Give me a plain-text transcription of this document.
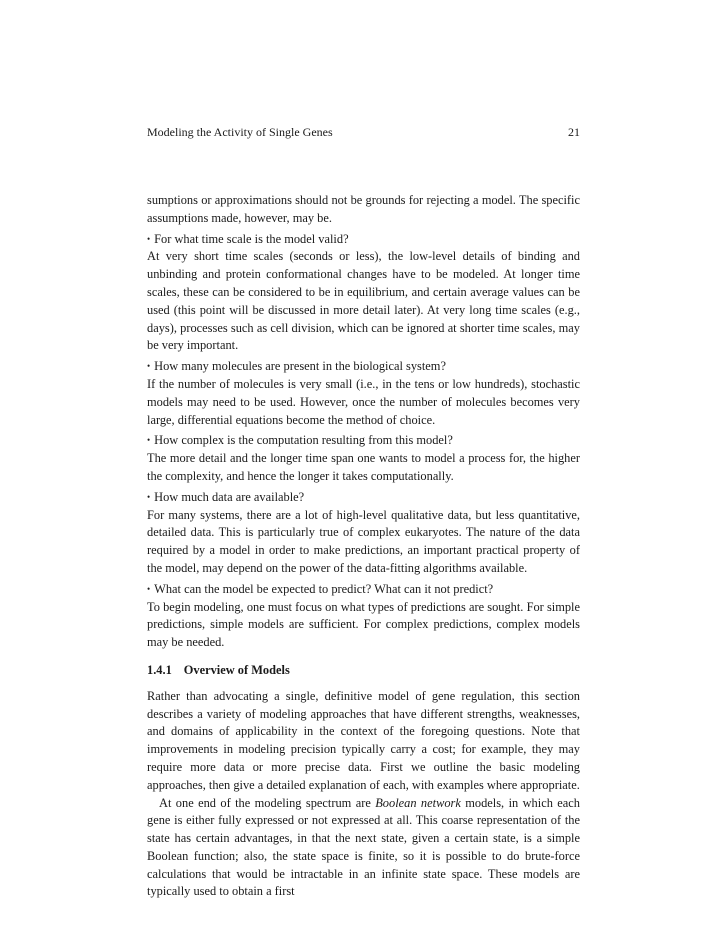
Modeling the Activity of Single Genes	21

sumptions or approximations should not be grounds for rejecting a model. The specific assumptions made, however, may be.

• For what time scale is the model valid?

At very short time scales (seconds or less), the low-level details of binding and unbinding and protein conformational changes have to be modeled. At longer time scales, these can be considered to be in equilibrium, and certain average values can be used (this point will be discussed in more detail later). At very long time scales (e.g., days), processes such as cell division, which can be ignored at shorter time scales, may be very important.

• How many molecules are present in the biological system?

If the number of molecules is very small (i.e., in the tens or low hundreds), stochastic models may need to be used. However, once the number of molecules becomes very large, differential equations become the method of choice.

• How complex is the computation resulting from this model?

The more detail and the longer time span one wants to model a process for, the higher the complexity, and hence the longer it takes computationally.

• How much data are available?

For many systems, there are a lot of high-level qualitative data, but less quantitative, detailed data. This is particularly true of complex eukaryotes. The nature of the data required by a model in order to make predictions, an important practical property of the model, may depend on the power of the data-fitting algorithms available.

• What can the model be expected to predict? What can it not predict?

To begin modeling, one must focus on what types of predictions are sought. For simple predictions, simple models are sufficient. For complex predictions, complex models may be needed.

1.4.1 Overview of Models

Rather than advocating a single, definitive model of gene regulation, this section describes a variety of modeling approaches that have different strengths, weaknesses, and domains of applicability in the context of the foregoing questions. Note that improvements in modeling precision typically carry a cost; for example, they may require more data or more precise data. First we outline the basic modeling approaches, then give a detailed explanation of each, with examples where appropriate.

At one end of the modeling spectrum are Boolean network models, in which each gene is either fully expressed or not expressed at all. This coarse representation of the state has certain advantages, in that the next state, given a certain state, is a simple Boolean function; also, the state space is finite, so it is possible to do brute-force calculations that would be intractable in an infinite state space. These models are typically used to obtain a first
